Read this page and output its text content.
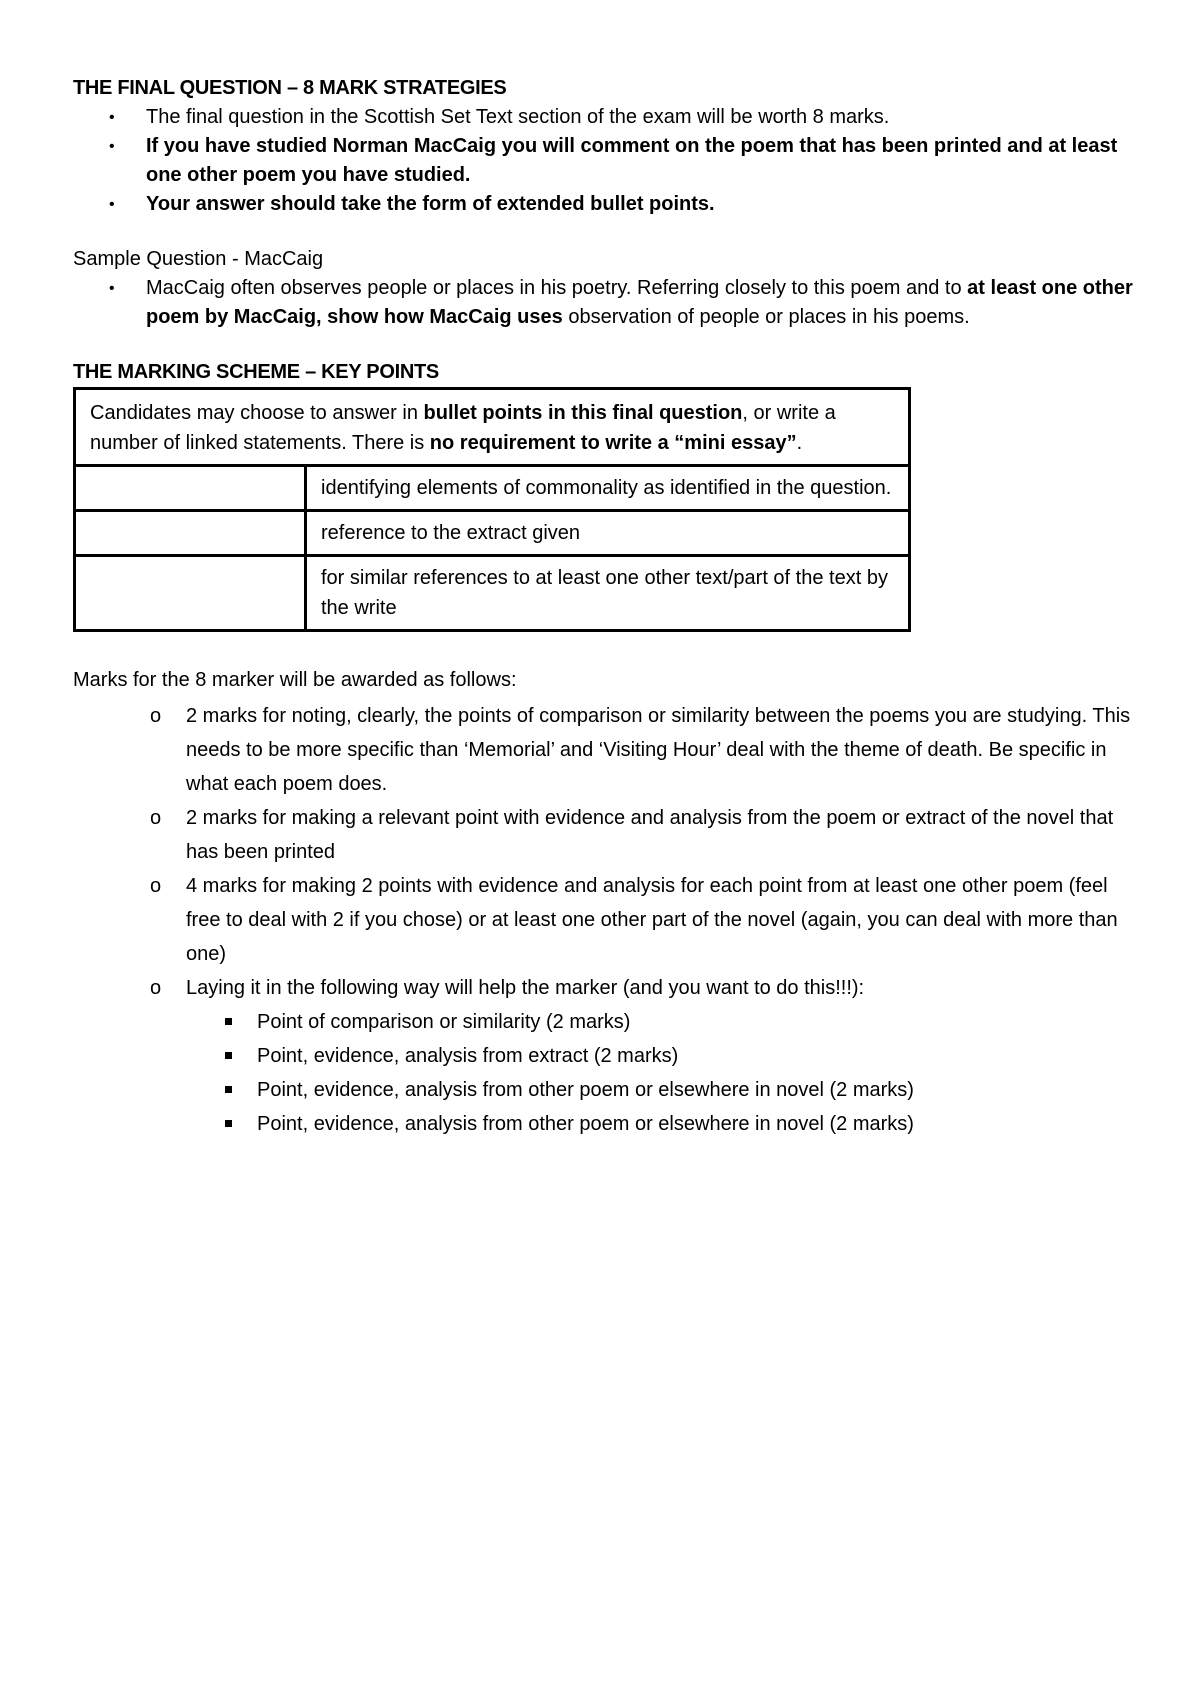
THE FINAL QUESTION – 8 MARK STRATEGIES
• The final question in the Scottish Set Text section of the exam will be worth 8 marks.
• If you have studied Norman MacCaig you will comment on the poem that has been printed and at least one other poem you have studied.
• Your answer should take the form of extended bullet points.
Sample Question - MacCaig
• MacCaig often observes people or places in his poetry. Referring closely to this poem and to at least one other poem by MacCaig, show how MacCaig uses observation of people or places in his poems.
THE MARKING SCHEME – KEY POINTS
Candidates may choose to answer in bullet points in this final question, or write a number of linked statements. There is no requirement to write a “mini essay”.	
	identifying elements of commonality as identified in the question.
	reference to the extract given
	for similar references to at least one other text/part of the text by the write
Marks for the 8 marker will be awarded as follows:
o 2 marks for noting, clearly, the points of comparison or similarity between the poems you are studying. This needs to be more specific than ‘Memorial’ and ‘Visiting Hour’ deal with the theme of death. Be specific in what each poem does.
o 2 marks for making a relevant point with evidence and analysis from the poem or extract of the novel that has been printed
o 4 marks for making 2 points with evidence and analysis for each point from at least one other poem (feel free to deal with 2 if you chose) or at least one other part of the novel (again, you can deal with more than one)
o Laying it in the following way will help the marker (and you want to do this!!!):
Point of comparison or similarity (2 marks)
Point, evidence, analysis from extract (2 marks)
Point, evidence, analysis from other poem or elsewhere in novel (2 marks)
Point, evidence, analysis from other poem or elsewhere in novel (2 marks)
